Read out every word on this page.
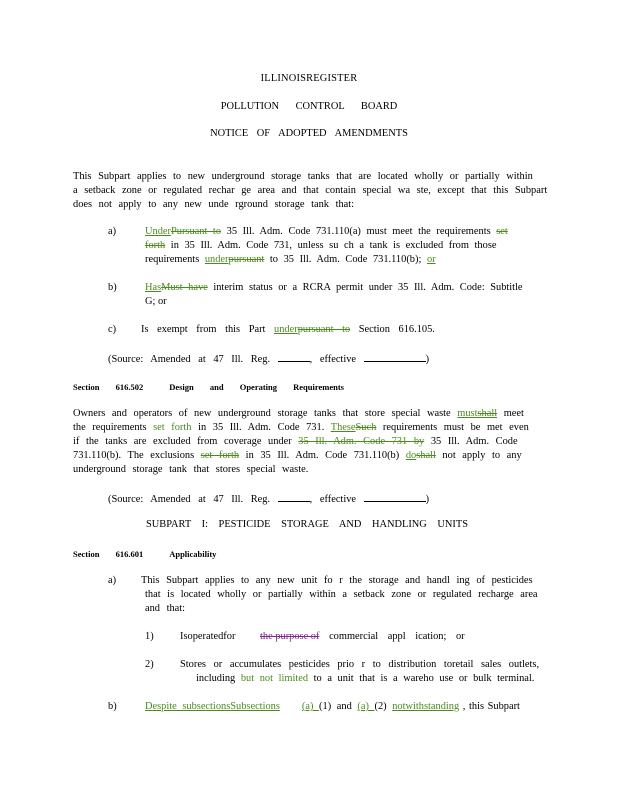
ILLINOISREGISTER
POLLUTION CONTROL BOARD
NOTICE OF ADOPTED AMENDMENTS
This Subpart applies to new underground storage tanks that are located wholly or partially within
a setback zone or regulated rechar ge area and that contain special wa ste, except that this Subpart
does not apply to any new unde rground storage tank that:
a)	UnderPursuant to 35 Ill. Adm. Code 731.110(a) must meet the requirements set
forth in 35 Ill. Adm. Code 731, unless su ch a tank is excluded from those
requirements underpursuant to 35 Ill. Adm. Code 731.110(b); or
b)	HasMust have interim status or a RCRA permit under 35 Ill. Adm. Code: Subtitle
G; or
c)	Is exempt from this Part underpursuant to Section 616.105.
(Source: Amended at 47 Ill. Reg.	, effective	)
Section 616.502	Design and Operating Requirements
Owners and operators of new underground storage tanks that store special waste mustshall meet
the requirements set forth in 35 Ill. Adm. Code 731. TheseSuch requirements must be met even
if the tanks are excluded from coverage under 35 Ill. Adm. Code 731 by 35 Ill. Adm. Code
731.110(b). The exclusions set forth in 35 Ill. Adm. Code 731.110(b) doshall not apply to any
underground storage tank that stores special waste.
(Source: Amended at 47 Ill. Reg.	, effective	)
SUBPART I: PESTICIDE STORAGE AND HANDLING UNITS
Section 616.601	Applicability
a)	This Subpart applies to any new unit fo r the storage and handl ing of pesticides
that is located wholly or partially within a setback zone or regulated recharge area
and that:
1)	Isoperatedfor the purpose of commercial appl ication; or
2)	Stores or accumulates pesticides prio r to distribution toretail sales outlets,
including but not limited to a unit that is a wareho use or bulk terminal.
b)	Despite subsectionsSubsections (a) (1) and (a) (2) notwithstanding , this Subpart
